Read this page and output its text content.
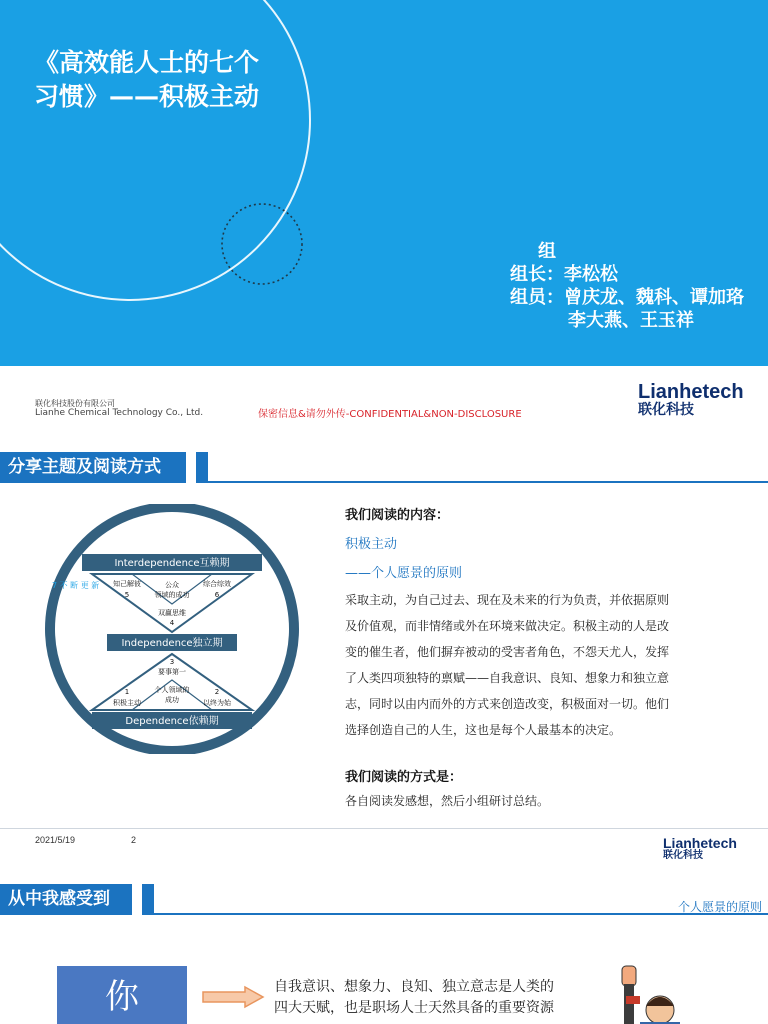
《高效能人士的七个
习惯》——积极主动
组
组长：李松松
组员：曾庆龙、魏科、谭加珞
李大燕、王玉祥
联化科技股份有限公司
Lianhe Chemical Technology Co., Ltd.	保密信息&请勿外传-CONFIDENTIAL&NON-DISCLOSURE
Lianhetech
联化科技
分享主题及阅读方式
7 不 断 更 新
Interdependence互赖期
知己解彼
5
公众
领域的成功
综合综效
6
双赢思维
4
Independence独立期
3
要事第一
个人领域的
成功
1
积极主动
2
以终为始
Dependence依赖期
我们阅读的内容：
积极主动
——个人愿景的原则
采取主动，为自己过去、现在及未来的行为负责，并依据原则
及价值观，而非情绪或外在环境来做决定。积极主动的人是改
变的催生者，他们摒弃被动的受害者角色，不怨天尤人，发挥
了人类四项独特的禀赋——自我意识、良知、想象力和独立意
志，同时以由内而外的方式来创造改变，积极面对一切。他们
选择创造自己的人生，这也是每个人最基本的决定。
我们阅读的方式是：
各自阅读发感想，然后小组研讨总结。
2021/5/19	2	Lianhetech
联化科技
从中我感受到	个人愿景的原则
你	自我意识、想象力、良知、独立意志是人类的
四大天赋，也是职场人士天然具备的重要资源
